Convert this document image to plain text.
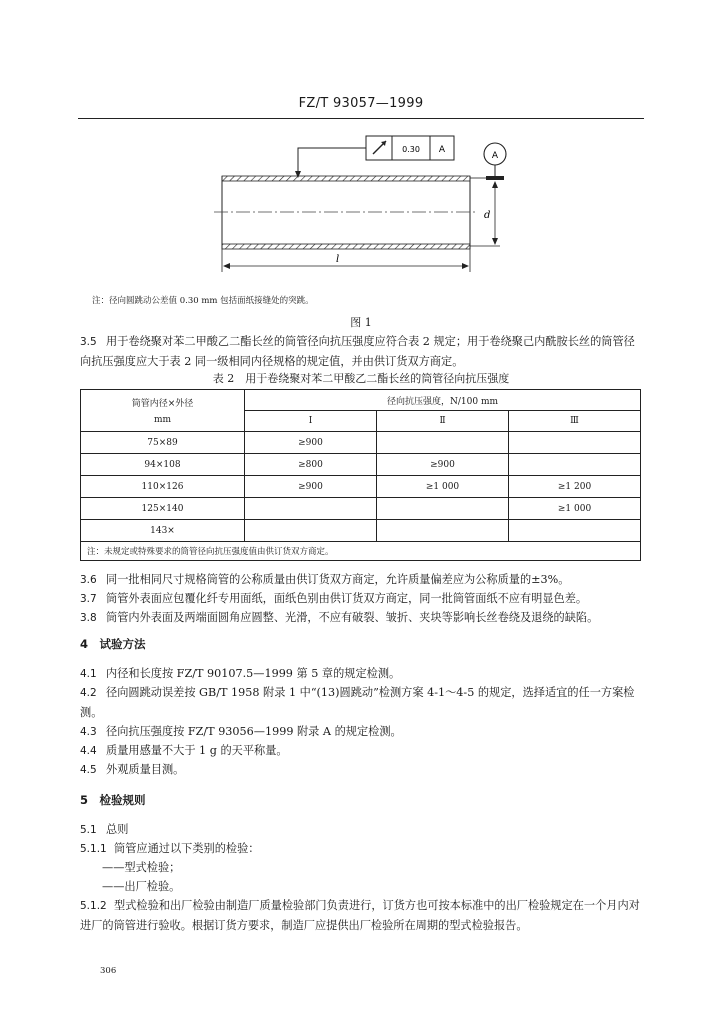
FZ/T 93057—1999
0.30 A
A
d
l
注：径向圆跳动公差值 0.30 mm 包括面纸接缝处的突跳。
图 1
3.5 用于卷绕聚对苯二甲酸乙二酯长丝的筒管径向抗压强度应符合表 2 规定；用于卷绕聚己内酰胺长丝的筒管径向抗压强度应大于表 2 同一级相同内径规格的规定值，并由供订货双方商定。
表 2　用于卷绕聚对苯二甲酸乙二酯长丝的筒管径向抗压强度
筒管内径×外径
mm	径向抗压强度，N/100 mm		
	Ⅰ	Ⅱ	Ⅲ
75×89	≥900		
94×108	≥800	≥900	
110×126	≥900	≥1 000	≥1 200
125×140			≥1 000
143×			
注：未规定或特殊要求的筒管径向抗压强度值由供订货双方商定。			
3.6 同一批相同尺寸规格筒管的公称质量由供订货双方商定，允许质量偏差应为公称质量的±3%。
3.7 筒管外表面应包覆化纤专用面纸，面纸色别由供订货双方商定，同一批筒管面纸不应有明显色差。
3.8 筒管内外表面及两端面圆角应圆整、光滑，不应有破裂、皱折、夹块等影响长丝卷绕及退绕的缺陷。
4　试验方法
4.1 内径和长度按 FZ/T 90107.5—1999 第 5 章的规定检测。
4.2 径向圆跳动误差按 GB/T 1958 附录 1 中“(13)圆跳动”检测方案 4-1～4-5 的规定，选择适宜的任一方案检测。
4.3 径向抗压强度按 FZ/T 93056—1999 附录 A 的规定检测。
4.4 质量用感量不大于 1 g 的天平称量。
4.5 外观质量目测。
5　检验规则
5.1 总则
5.1.1 筒管应通过以下类别的检验：
——型式检验；
——出厂检验。
5.1.2 型式检验和出厂检验由制造厂质量检验部门负责进行，订货方也可按本标准中的出厂检验规定在一个月内对进厂的筒管进行验收。根据订货方要求，制造厂应提供出厂检验所在周期的型式检验报告。
306
